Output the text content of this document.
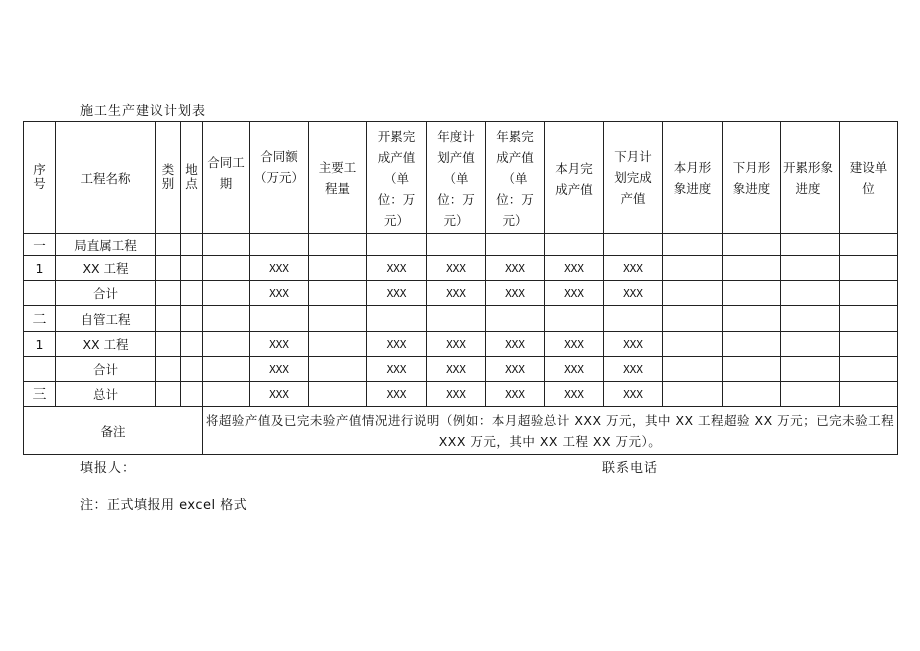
施工生产建议计划表
序号	工程名称	类别	地点	合同工期	合同额（万元）	主要工程量	开累完成产值（单位：万元）	年度计划产值（单位：万元）	年累完成产值（单位：万元）	本月完成产值	下月计划完成产值	本月形象进度	下月形象进度	开累形象进度	建设单位
一	局直属工程														
1	XX 工程				XXX		XXX	XXX	XXX	XXX	XXX				
	合计				XXX		XXX	XXX	XXX	XXX	XXX				
二	自管工程														
1	XX 工程				XXX		XXX	XXX	XXX	XXX	XXX				
	合计				XXX		XXX	XXX	XXX	XXX	XXX				
三	总计				XXX		XXX	XXX	XXX	XXX	XXX				
备注				将超验产值及已完未验产值情况进行说明（例如：本月超验总计 XXX 万元，其中 XX 工程超验 XX 万元；已完未验工程 XXX 万元，其中 XX 工程 XX 万元）。											
填报人：	联系电话
注：正式填报用 excel 格式
